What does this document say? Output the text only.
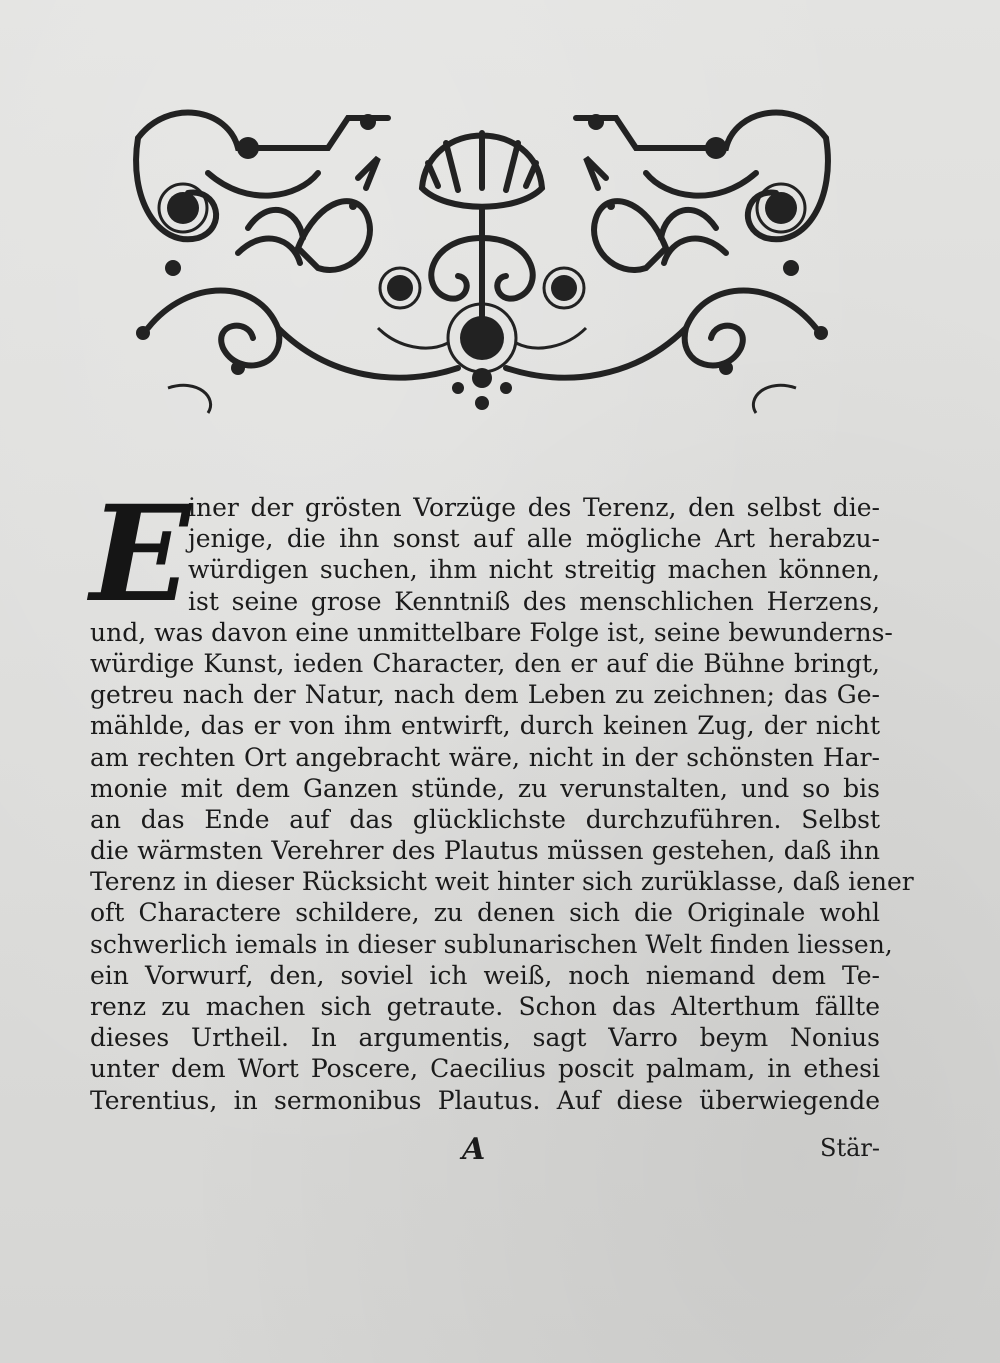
E
iner der grösten Vorzüge des Terenz, den selbst die-
jenige, die ihn sonst auf alle mögliche Art herabzu-
würdigen suchen, ihm nicht streitig machen können,
ist seine grose Kenntniß des menschlichen Herzens,
und, was davon eine unmittelbare Folge ist, seine bewunderns-
würdige Kunst, ieden Character, den er auf die Bühne bringt,
getreu nach der Natur, nach dem Leben zu zeichnen; das Ge-
mählde, das er von ihm entwirft, durch keinen Zug, der nicht
am rechten Ort angebracht wäre, nicht in der schönsten Har-
monie mit dem Ganzen stünde, zu verunstalten, und so bis
an das Ende auf das glücklichste durchzuführen. Selbst
die wärmsten Verehrer des Plautus müssen gestehen, daß ihn
Terenz in dieser Rücksicht weit hinter sich zurüklasse, daß iener
oft Charactere schildere, zu denen sich die Originale wohl
schwerlich iemals in dieser sublunarischen Welt finden liessen,
ein Vorwurf, den, soviel ich weiß, noch niemand dem Te-
renz zu machen sich getraute. Schon das Alterthum fällte
dieses Urtheil. In argumentis, sagt Varro beym Nonius
unter dem Wort Poscere, Caecilius poscit palmam, in ethesi
Terentius, in sermonibus Plautus. Auf diese überwiegende
A	Stär-
